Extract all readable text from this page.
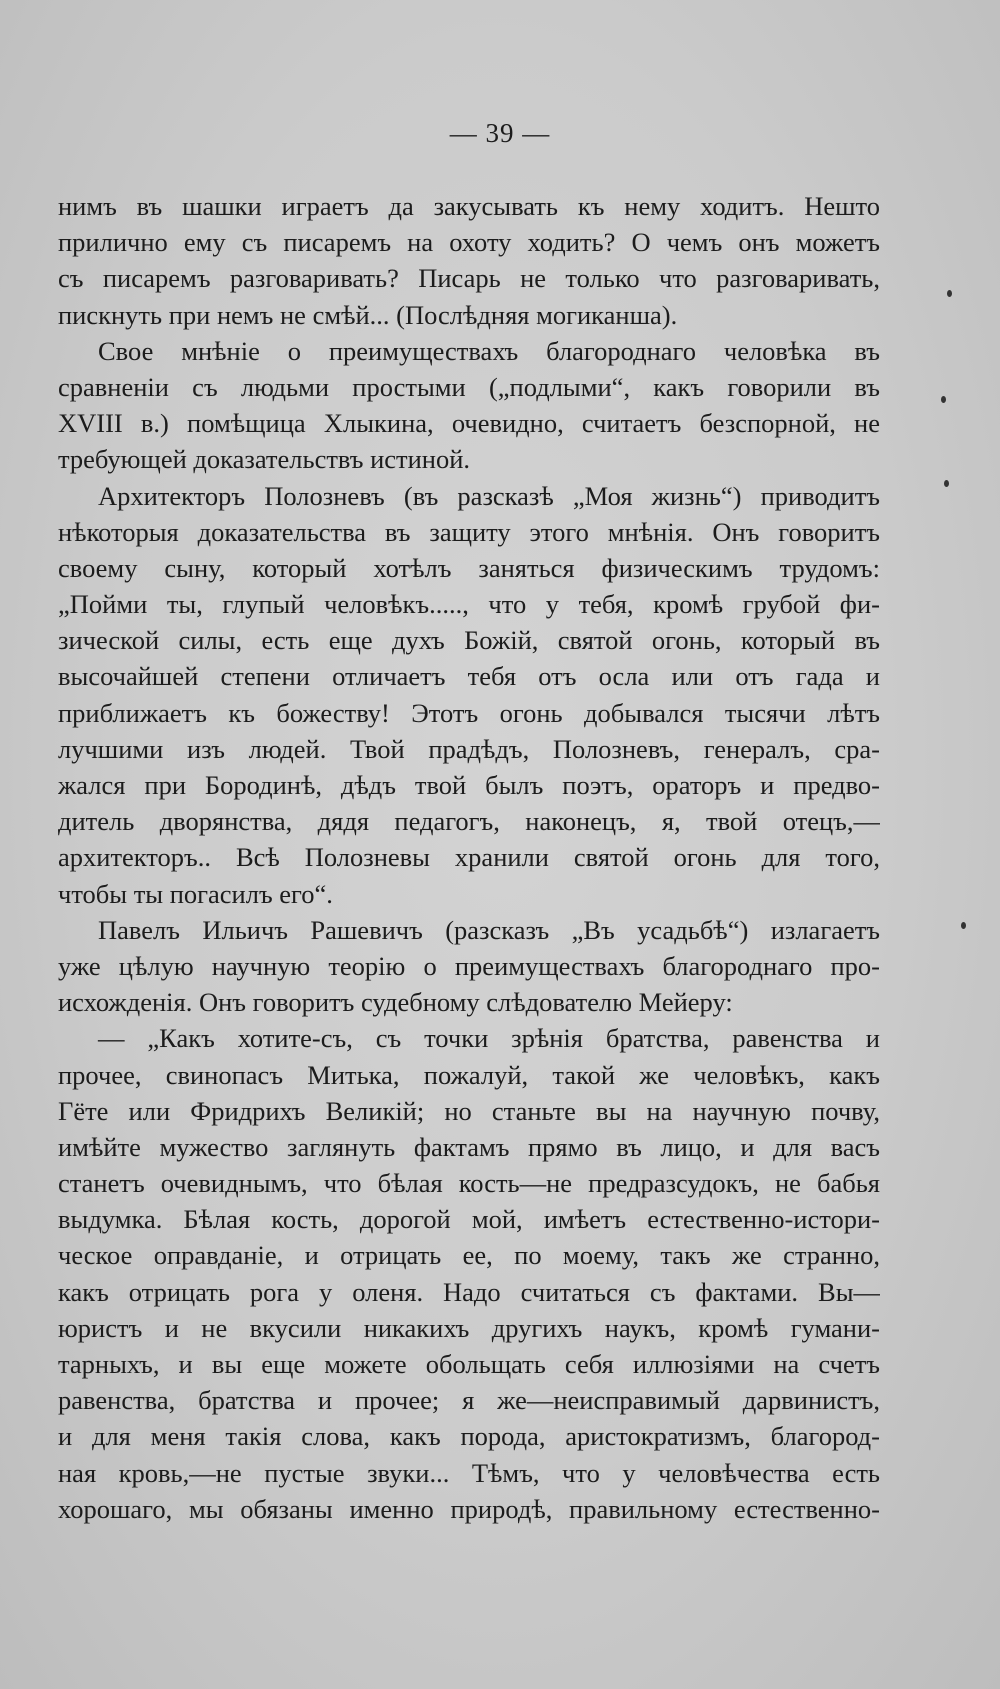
— 39 —
нимъ въ шашки играетъ да закусывать къ нему ходитъ. Нешто
прилично ему съ писаремъ на охоту ходить? О чемъ онъ можетъ
съ писаремъ разговаривать? Писарь не только что разговаривать,
пискнуть при немъ не смѣй... (Послѣдняя могиканша).
Свое мнѣніе о преимуществахъ благороднаго человѣка въ
сравненіи съ людьми простыми („подлыми“, какъ говорили въ
XVIII в.) помѣщица Хлыкина, очевидно, считаетъ безспорной, не
требующей доказательствъ истиной.
Архитекторъ Полозневъ (въ разсказѣ „Моя жизнь“) приводитъ
нѣкоторыя доказательства въ защиту этого мнѣнія. Онъ говоритъ
своему сыну, который хотѣлъ заняться физическимъ трудомъ:
„Пойми ты, глупый человѣкъ....., что у тебя, кромѣ грубой фи-
зической силы, есть еще духъ Божій, святой огонь, который въ
высочайшей степени отличаетъ тебя отъ осла или отъ гада и
приближаетъ къ божеству! Этотъ огонь добывался тысячи лѣтъ
лучшими изъ людей. Твой прадѣдъ, Полозневъ, генералъ, сра-
жался при Бородинѣ, дѣдъ твой былъ поэтъ, ораторъ и предво-
дитель дворянства, дядя педагогъ, наконецъ, я, твой отецъ,—
архитекторъ.. Всѣ Полозневы хранили святой огонь для того,
чтобы ты погасилъ его“.
Павелъ Ильичъ Рашевичъ (разсказъ „Въ усадьбѣ“) излагаетъ
уже цѣлую научную теорію о преимуществахъ благороднаго про-
исхожденія. Онъ говоритъ судебному слѣдователю Мейеру:
— „Какъ хотите-съ, съ точки зрѣнія братства, равенства и
прочее, свинопасъ Митька, пожалуй, такой же человѣкъ, какъ
Гёте или Фридрихъ Великій; но станьте вы на научную почву,
имѣйте мужество заглянуть фактамъ прямо въ лицо, и для васъ
станетъ очевиднымъ, что бѣлая кость—не предразсудокъ, не бабья
выдумка. Бѣлая кость, дорогой мой, имѣетъ естественно-истори-
ческое оправданіе, и отрицать ее, по моему, такъ же странно,
какъ отрицать рога у оленя. Надо считаться съ фактами. Вы—
юристъ и не вкусили никакихъ другихъ наукъ, кромѣ гумани-
тарныхъ, и вы еще можете обольщать себя иллюзіями на счетъ
равенства, братства и прочее; я же—неисправимый дарвинистъ,
и для меня такія слова, какъ порода, аристократизмъ, благород-
ная кровь,—не пустые звуки... Тѣмъ, что у человѣчества есть
хорошаго, мы обязаны именно природѣ, правильному естественно-
